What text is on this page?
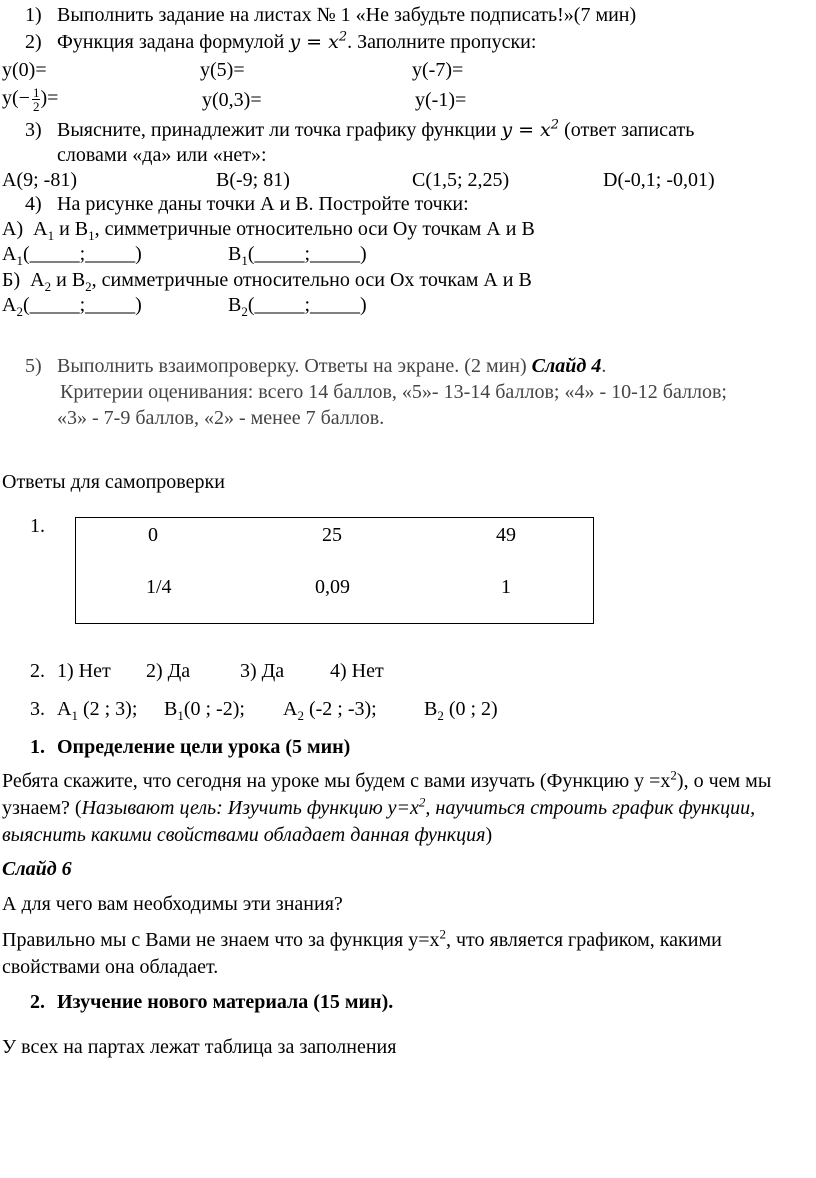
1) Выполнить задание на листах № 1 «Не забудьте подписать!»(7 мин)
2) Функция задана формулой $y = x^2$. Заполните пропуски:
y(0)=	y(5)=	y(-7)=
$y(- \frac{1}{2}$ )=	y(0,3)=	y(-1)=
3) Выясните, принадлежит ли точка графику функции $y = x^2$ (ответ записать
словами «да» или «нет»:
A(9; -81)	B(-9; 81)	C(1,5; 2,25)	D(-0,1; -0,01)
4) На рисунке даны точки А и В. Постройте точки:
А) $А_1$ и $В_1$, симметричные относительно оси Оу точкам А и В
$А_1(\_\_\_\_\_;\_\_\_\_\_)$	$В_1(\_\_\_\_\_;\_\_\_\_\_)$
Б) $А_2$ и $В_2$, симметричные относительно оси Ох точкам А и В
$А_2(\_\_\_\_\_;\_\_\_\_\_)$	$В_2(\_\_\_\_\_;\_\_\_\_\_)$
5) Выполнить взаимопроверку. Ответы на экране. (2 мин) Слайд 4.
Критерии оценивания: всего 14 баллов, «5»- 13-14 баллов; «4» - 10-12 баллов;
«3» - 7-9 баллов, «2» - менее 7 баллов.
Ответы для самопроверки
1.	0	25	49
1/4	0,09	1
2. 1) Нет 2) Да 3) Да 4) Нет
3. $А_1$ (2 ; 3); $В_1(0$ ; -2); $А_2$ (-2 ; -3); $В_2$ (0 ; 2)
1. Определение цели урока (5 мин)
Ребята скажите, что сегодня на уроке мы будем с вами изучать (Функцию $у =х^2$), о чем мы узнаем? (Называют цель: Изучить функцию $у=х^2$, научиться строить график функции, выяснить какими свойствами обладает данная функция)
Слайд 6
А для чего вам необходимы эти знания?
Правильно мы с Вами не знаем что за функция $у=х^2$, что является графиком, какими свойствами она обладает.
2. Изучение нового материала (15 мин).
У всех на партах лежат таблица за заполнения
